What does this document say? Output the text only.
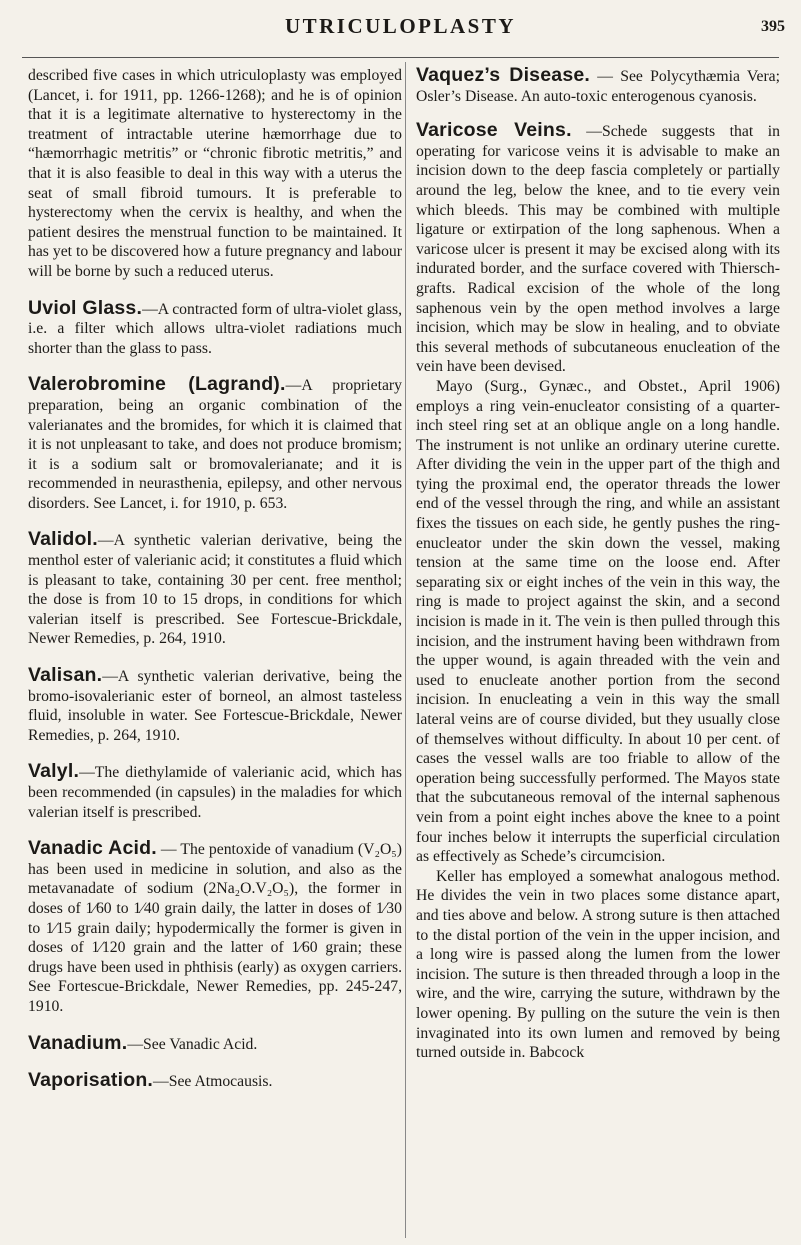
UTRICULOPLASTY	395

described five cases in which utriculoplasty was employed (Lancet, i. for 1911, pp. 1266-1268); and he is of opinion that it is a legitimate alternative to hysterectomy in the treatment of intractable uterine hæmorrhage due to “hæmorrhagic metritis” or “chronic fibrotic metritis,” and that it is also feasible to deal in this way with a uterus the seat of small fibroid tumours. It is preferable to hysterectomy when the cervix is healthy, and when the patient desires the menstrual function to be maintained. It has yet to be discovered how a future pregnancy and labour will be borne by such a reduced uterus.

Uviol Glass.—A contracted form of ultra-violet glass, i.e. a filter which allows ultra-violet radiations much shorter than the glass to pass.

Valerobromine (Lagrand).—A proprietary preparation, being an organic combination of the valerianates and the bromides, for which it is claimed that it is not unpleasant to take, and does not produce bromism; it is a sodium salt or bromovalerianate; and it is recommended in neurasthenia, epilepsy, and other nervous disorders. See Lancet, i. for 1910, p. 653.

Validol.—A synthetic valerian derivative, being the menthol ester of valerianic acid; it constitutes a fluid which is pleasant to take, containing 30 per cent. free menthol; the dose is from 10 to 15 drops, in conditions for which valerian itself is prescribed. See Fortescue-Brickdale, Newer Remedies, p. 264, 1910.

Valisan.—A synthetic valerian derivative, being the bromo-isovalerianic ester of borneol, an almost tasteless fluid, insoluble in water. See Fortescue-Brickdale, Newer Remedies, p. 264, 1910.

Valyl.—The diethylamide of valerianic acid, which has been recommended (in capsules) in the maladies for which valerian itself is prescribed.

Vanadic Acid. — The pentoxide of vanadium (V₂O₅) has been used in medicine in solution, and also as the metavanadate of sodium (2Na₂O.V₂O₅), the former in doses of 1⁄60 to 1⁄40 grain daily, the latter in doses of 1⁄30 to 1⁄15 grain daily; hypodermically the former is given in doses of 1⁄120 grain and the latter of 1⁄60 grain; these drugs have been used in phthisis (early) as oxygen carriers. See Fortescue-Brickdale, Newer Remedies, pp. 245-247, 1910.

Vanadium.—See Vanadic Acid.

Vaporisation.—See Atmocausis.

Vaquez’s Disease. — See Polycythæmia Vera; Osler’s Disease. An auto-toxic enterogenous cyanosis.

Varicose Veins. —Schede suggests that in operating for varicose veins it is advisable to make an incision down to the deep fascia completely or partially around the leg, below the knee, and to tie every vein which bleeds. This may be combined with multiple ligature or extirpation of the long saphenous. When a varicose ulcer is present it may be excised along with its indurated border, and the surface covered with Thiersch-grafts. Radical excision of the whole of the long saphenous vein by the open method involves a large incision, which may be slow in healing, and to obviate this several methods of subcutaneous enucleation of the vein have been devised.

Mayo (Surg., Gynæc., and Obstet., April 1906) employs a ring vein-enucleator consisting of a quarter-inch steel ring set at an oblique angle on a long handle. The instrument is not unlike an ordinary uterine curette. After dividing the vein in the upper part of the thigh and tying the proximal end, the operator threads the lower end of the vessel through the ring, and while an assistant fixes the tissues on each side, he gently pushes the ring-enucleator under the skin down the vessel, making tension at the same time on the loose end. After separating six or eight inches of the vein in this way, the ring is made to project against the skin, and a second incision is made in it. The vein is then pulled through this incision, and the instrument having been withdrawn from the upper wound, is again threaded with the vein and used to enucleate another portion from the second incision. In enucleating a vein in this way the small lateral veins are of course divided, but they usually close of themselves without difficulty. In about 10 per cent. of cases the vessel walls are too friable to allow of the operation being successfully performed. The Mayos state that the subcutaneous removal of the internal saphenous vein from a point eight inches above the knee to a point four inches below it interrupts the superficial circulation as effectively as Schede’s circumcision.

Keller has employed a somewhat analogous method. He divides the vein in two places some distance apart, and ties above and below. A strong suture is then attached to the distal portion of the vein in the upper incision, and a long wire is passed along the lumen from the lower incision. The suture is then threaded through a loop in the wire, and the wire, carrying the suture, withdrawn by the lower opening. By pulling on the suture the vein is then invaginated into its own lumen and removed by being turned outside in. Babcock
